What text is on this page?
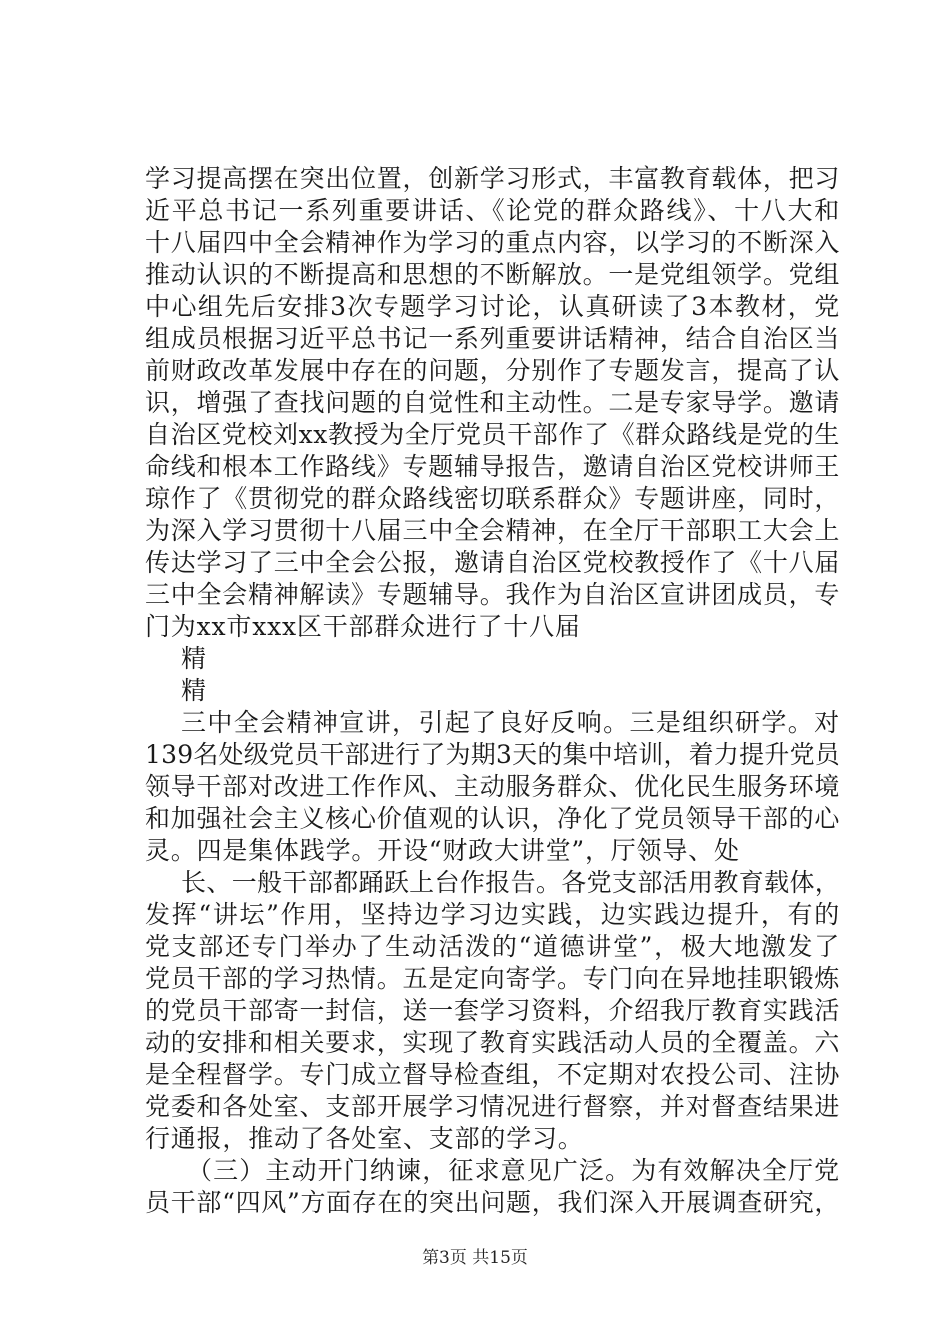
学习提高摆在突出位置，创新学习形式，丰富教育载体，把习
近平总书记一系列重要讲话、《论党的群众路线》、十八大和
十八届四中全会精神作为学习的重点内容，以学习的不断深入
推动认识的不断提高和思想的不断解放。一是党组领学。党组
中心组先后安排3次专题学习讨论，认真研读了3本教材，党
组成员根据习近平总书记一系列重要讲话精神，结合自治区当
前财政改革发展中存在的问题，分别作了专题发言，提高了认
识，增强了查找问题的自觉性和主动性。二是专家导学。邀请
自治区党校刘xx教授为全厅党员干部作了《群众路线是党的生
命线和根本工作路线》专题辅导报告，邀请自治区党校讲师王
琼作了《贯彻党的群众路线密切联系群众》专题讲座，同时，
为深入学习贯彻十八届三中全会精神，在全厅干部职工大会上
传达学习了三中全会公报，邀请自治区党校教授作了《十八届
三中全会精神解读》专题辅导。我作为自治区宣讲团成员，专
门为xx市xxx区干部群众进行了十八届
精
精
三中全会精神宣讲，引起了良好反响。三是组织研学。对
139名处级党员干部进行了为期3天的集中培训，着力提升党员
领导干部对改进工作作风、主动服务群众、优化民生服务环境
和加强社会主义核心价值观的认识，净化了党员领导干部的心
灵。四是集体践学。开设“财政大讲堂”，厅领导、处
长、一般干部都踊跃上台作报告。各党支部活用教育载体，
发挥“讲坛”作用，坚持边学习边实践，边实践边提升，有的
党支部还专门举办了生动活泼的“道德讲堂”，极大地激发了
党员干部的学习热情。五是定向寄学。专门向在异地挂职锻炼
的党员干部寄一封信，送一套学习资料，介绍我厅教育实践活
动的安排和相关要求，实现了教育实践活动人员的全覆盖。六
是全程督学。专门成立督导检查组，不定期对农投公司、注协
党委和各处室、支部开展学习情况进行督察，并对督查结果进
行通报，推动了各处室、支部的学习。
（三）主动开门纳谏，征求意见广泛。为有效解决全厅党
员干部“四风”方面存在的突出问题，我们深入开展调查研究，
第3页 共15页
